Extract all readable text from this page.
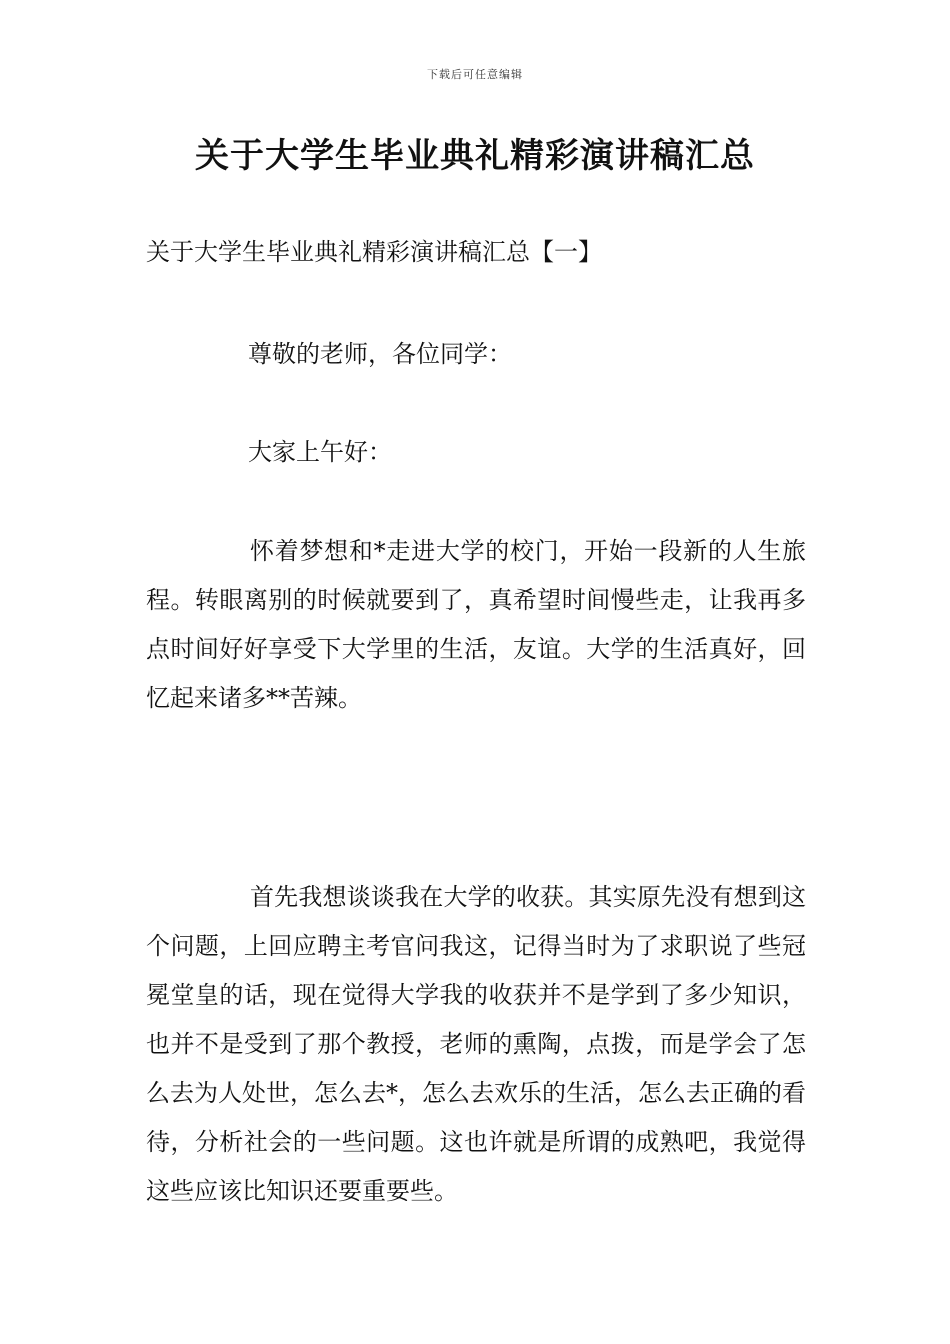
下载后可任意编辑
关于大学生毕业典礼精彩演讲稿汇总
关于大学生毕业典礼精彩演讲稿汇总【一】

尊敬的老师，各位同学：

大家上午好：

怀着梦想和*走进大学的校门，开始一段新的人生旅程。转眼离别的时候就要到了，真希望时间慢些走，让我再多点时间好好享受下大学里的生活，友谊。大学的生活真好，回忆起来诸多**苦辣。

首先我想谈谈我在大学的收获。其实原先没有想到这个问题，上回应聘主考官问我这，记得当时为了求职说了些冠冕堂皇的话，现在觉得大学我的收获并不是学到了多少知识，也并不是受到了那个教授，老师的熏陶，点拨，而是学会了怎么去为人处世，怎么去*，怎么去欢乐的生活，怎么去正确的看待，分析社会的一些问题。这也许就是所谓的成熟吧，我觉得这些应该比知识还要重要些。
